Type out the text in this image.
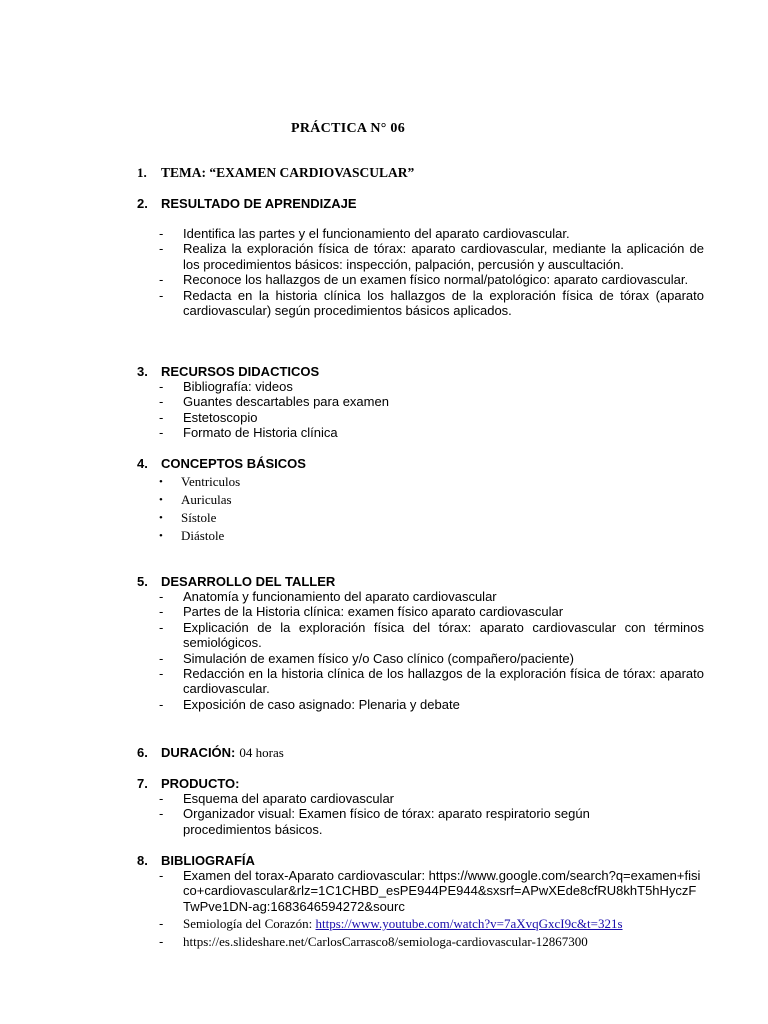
PRÁCTICA N° 06
1.	TEMA: “EXAMEN CARDIOVASCULAR”
2.	RESULTADO DE APRENDIZAJE
-	Identifica las partes y el funcionamiento del aparato cardiovascular.
-	Realiza la exploración física de tórax: aparato cardiovascular, mediante la aplicación de los procedimientos básicos: inspección, palpación, percusión y auscultación.
-	Reconoce los hallazgos de un examen físico normal/patológico: aparato cardiovascular.
-	Redacta en la historia clínica los hallazgos de la exploración física de tórax (aparato cardiovascular) según procedimientos básicos aplicados.
3.	RECURSOS DIDACTICOS
-	Bibliografía: videos
-	Guantes descartables para examen
-	Estetoscopio
-	Formato de Historia clínica
4.	CONCEPTOS BÁSICOS
•	Ventriculos
•	Auriculas
•	Sístole
•	Diástole
5.	DESARROLLO DEL TALLER
-	Anatomía y funcionamiento del aparato cardiovascular
-	Partes de la Historia clínica: examen físico aparato cardiovascular
-	Explicación de la exploración física del tórax: aparato cardiovascular con términos semiológicos.
-	Simulación de examen físico y/o Caso clínico (compañero/paciente)
-	Redacción en la historia clínica de los hallazgos de la exploración física de tórax: aparato cardiovascular.
-	Exposición de caso asignado: Plenaria y debate
6.	DURACIÓN: 04 horas
7.	PRODUCTO:
-	Esquema del aparato cardiovascular
-	Organizador visual: Examen físico de tórax: aparato respiratorio según procedimientos básicos.
8.	BIBLIOGRAFÍA
-	Examen del torax-Aparato cardiovascular: https://www.google.com/search?q=examen+fisico+cardiovascular&rlz=1C1CHBD_esPE944PE944&sxsrf=APwXEde8cfRU8khT5hHyczFTwPve1DN-ag:1683646594272&sourc
-	Semiología del Corazón: https://www.youtube.com/watch?v=7aXvqGxcI9c&t=321s
-	https://es.slideshare.net/CarlosCarrasco8/semiologa-cardiovascular-12867300
